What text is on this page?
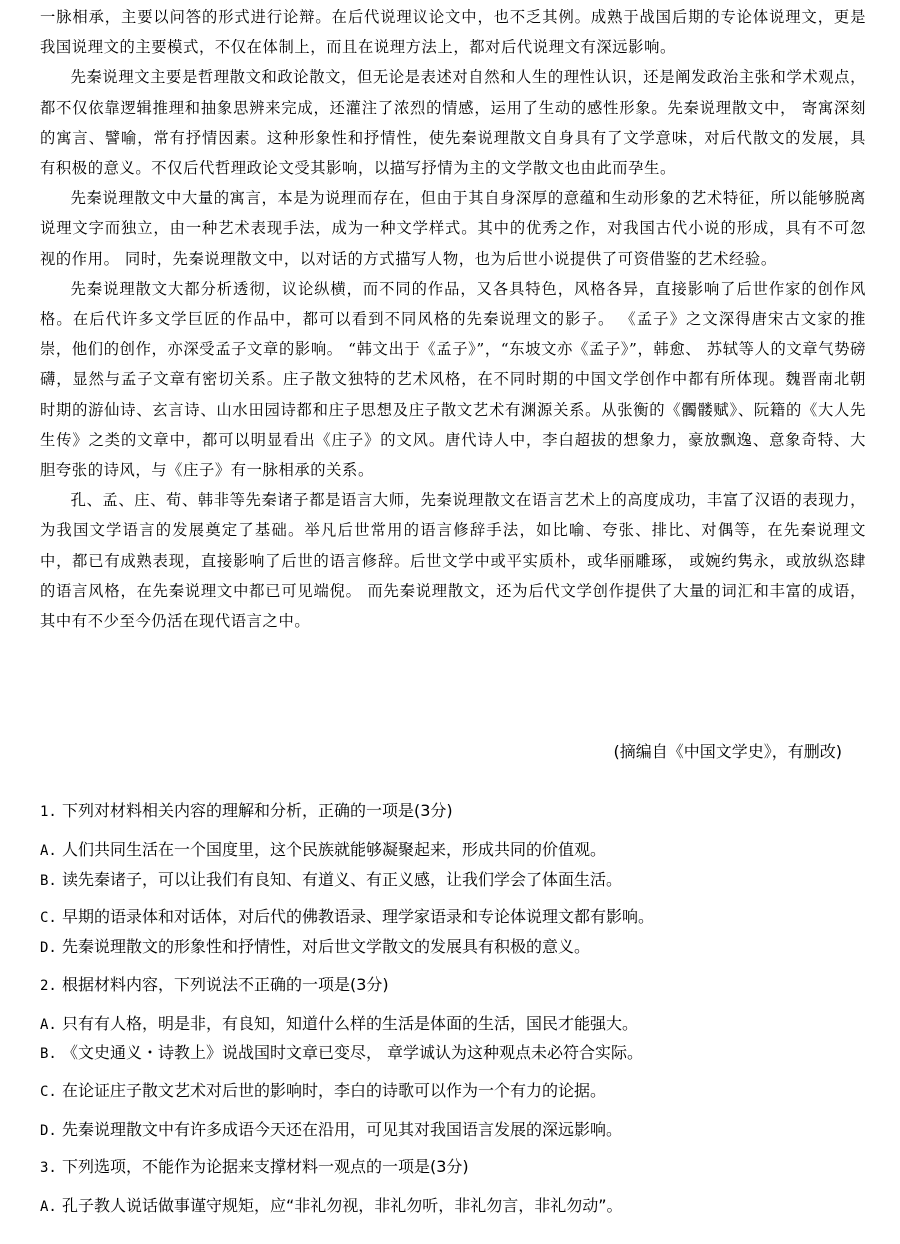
一脉相承，主要以问答的形式进行论辩。在后代说理议论文中，也不乏其例。成熟于战国后期的专论体说理文，更是我国说理文的主要模式，不仅在体制上，而且在说理方法上，都对后代说理文有深远影响。

先秦说理文主要是哲理散文和政论散文，但无论是表述对自然和人生的理性认识，还是阐发政治主张和学术观点，都不仅依靠逻辑推理和抽象思辨来完成，还灌注了浓烈的情感，运用了生动的感性形象。先秦说理散文中， 寄寓深刻的寓言、譬喻，常有抒情因素。这种形象性和抒情性，使先秦说理散文自身具有了文学意味，对后代散文的发展，具有积极的意义。不仅后代哲理政论文受其影响，以描写抒情为主的文学散文也由此而孕生。

先秦说理散文中大量的寓言，本是为说理而存在，但由于其自身深厚的意蕴和生动形象的艺术特征，所以能够脱离说理文字而独立，由一种艺术表现手法，成为一种文学样式。其中的优秀之作，对我国古代小说的形成，具有不可忽视的作用。 同时，先秦说理散文中，以对话的方式描写人物，也为后世小说提供了可资借鉴的艺术经验。

先秦说理散文大都分析透彻，议论纵横，而不同的作品，又各具特色，风格各异，直接影响了后世作家的创作风格。在后代许多文学巨匠的作品中，都可以看到不同风格的先秦说理文的影子。 《孟子》之文深得唐宋古文家的推崇，他们的创作，亦深受孟子文章的影响。 “韩文出于《孟子》”，“东坡文亦《孟子》”，韩愈、 苏轼等人的文章气势磅礴，显然与孟子文章有密切关系。庄子散文独特的艺术风格，在不同时期的中国文学创作中都有所体现。魏晋南北朝时期的游仙诗、玄言诗、山水田园诗都和庄子思想及庄子散文艺术有渊源关系。从张衡的《髑髅赋》、阮籍的《大人先生传》之类的文章中，都可以明显看出《庄子》的文风。唐代诗人中，李白超拔的想象力，豪放飘逸、意象奇特、大胆夸张的诗风，与《庄子》有一脉相承的关系。

孔、孟、庄、荀、韩非等先秦诸子都是语言大师，先秦说理散文在语言艺术上的高度成功，丰富了汉语的表现力， 为我国文学语言的发展奠定了基础。举凡后世常用的语言修辞手法，如比喻、夸张、排比、对偶等，在先秦说理文中，都已有成熟表现，直接影响了后世的语言修辞。后世文学中或平实质朴，或华丽雕琢， 或婉约隽永，或放纵恣肆的语言风格，在先秦说理文中都已可见端倪。 而先秦说理散文，还为后代文学创作提供了大量的词汇和丰富的成语，其中有不少至今仍活在现代语言之中。

(摘编自《中国文学史》，有删改)
1. 下列对材料相关内容的理解和分析，正确的一项是(3分)
A. 人们共同生活在一个国度里，这个民族就能够凝聚起来，形成共同的价值观。
B. 读先秦诸子，可以让我们有良知、有道义、有正义感，让我们学会了体面生活。
C. 早期的语录体和对话体，对后代的佛教语录、理学家语录和专论体说理文都有影响。
D. 先秦说理散文的形象性和抒情性，对后世文学散文的发展具有积极的意义。
2. 根据材料内容，下列说法不正确的一项是(3分)
A. 只有有人格，明是非，有良知，知道什么样的生活是体面的生活，国民才能强大。
B. 《文史通义・诗教上》说战国时文章已变尽， 章学诚认为这种观点未必符合实际。
C. 在论证庄子散文艺术对后世的影响时，李白的诗歌可以作为一个有力的论据。
D. 先秦说理散文中有许多成语今天还在沿用，可见其对我国语言发展的深远影响。
3. 下列选项，不能作为论据来支撑材料一观点的一项是(3分)
A. 孔子教人说话做事谨守规矩，应“非礼勿视，非礼勿听，非礼勿言，非礼勿动”。
